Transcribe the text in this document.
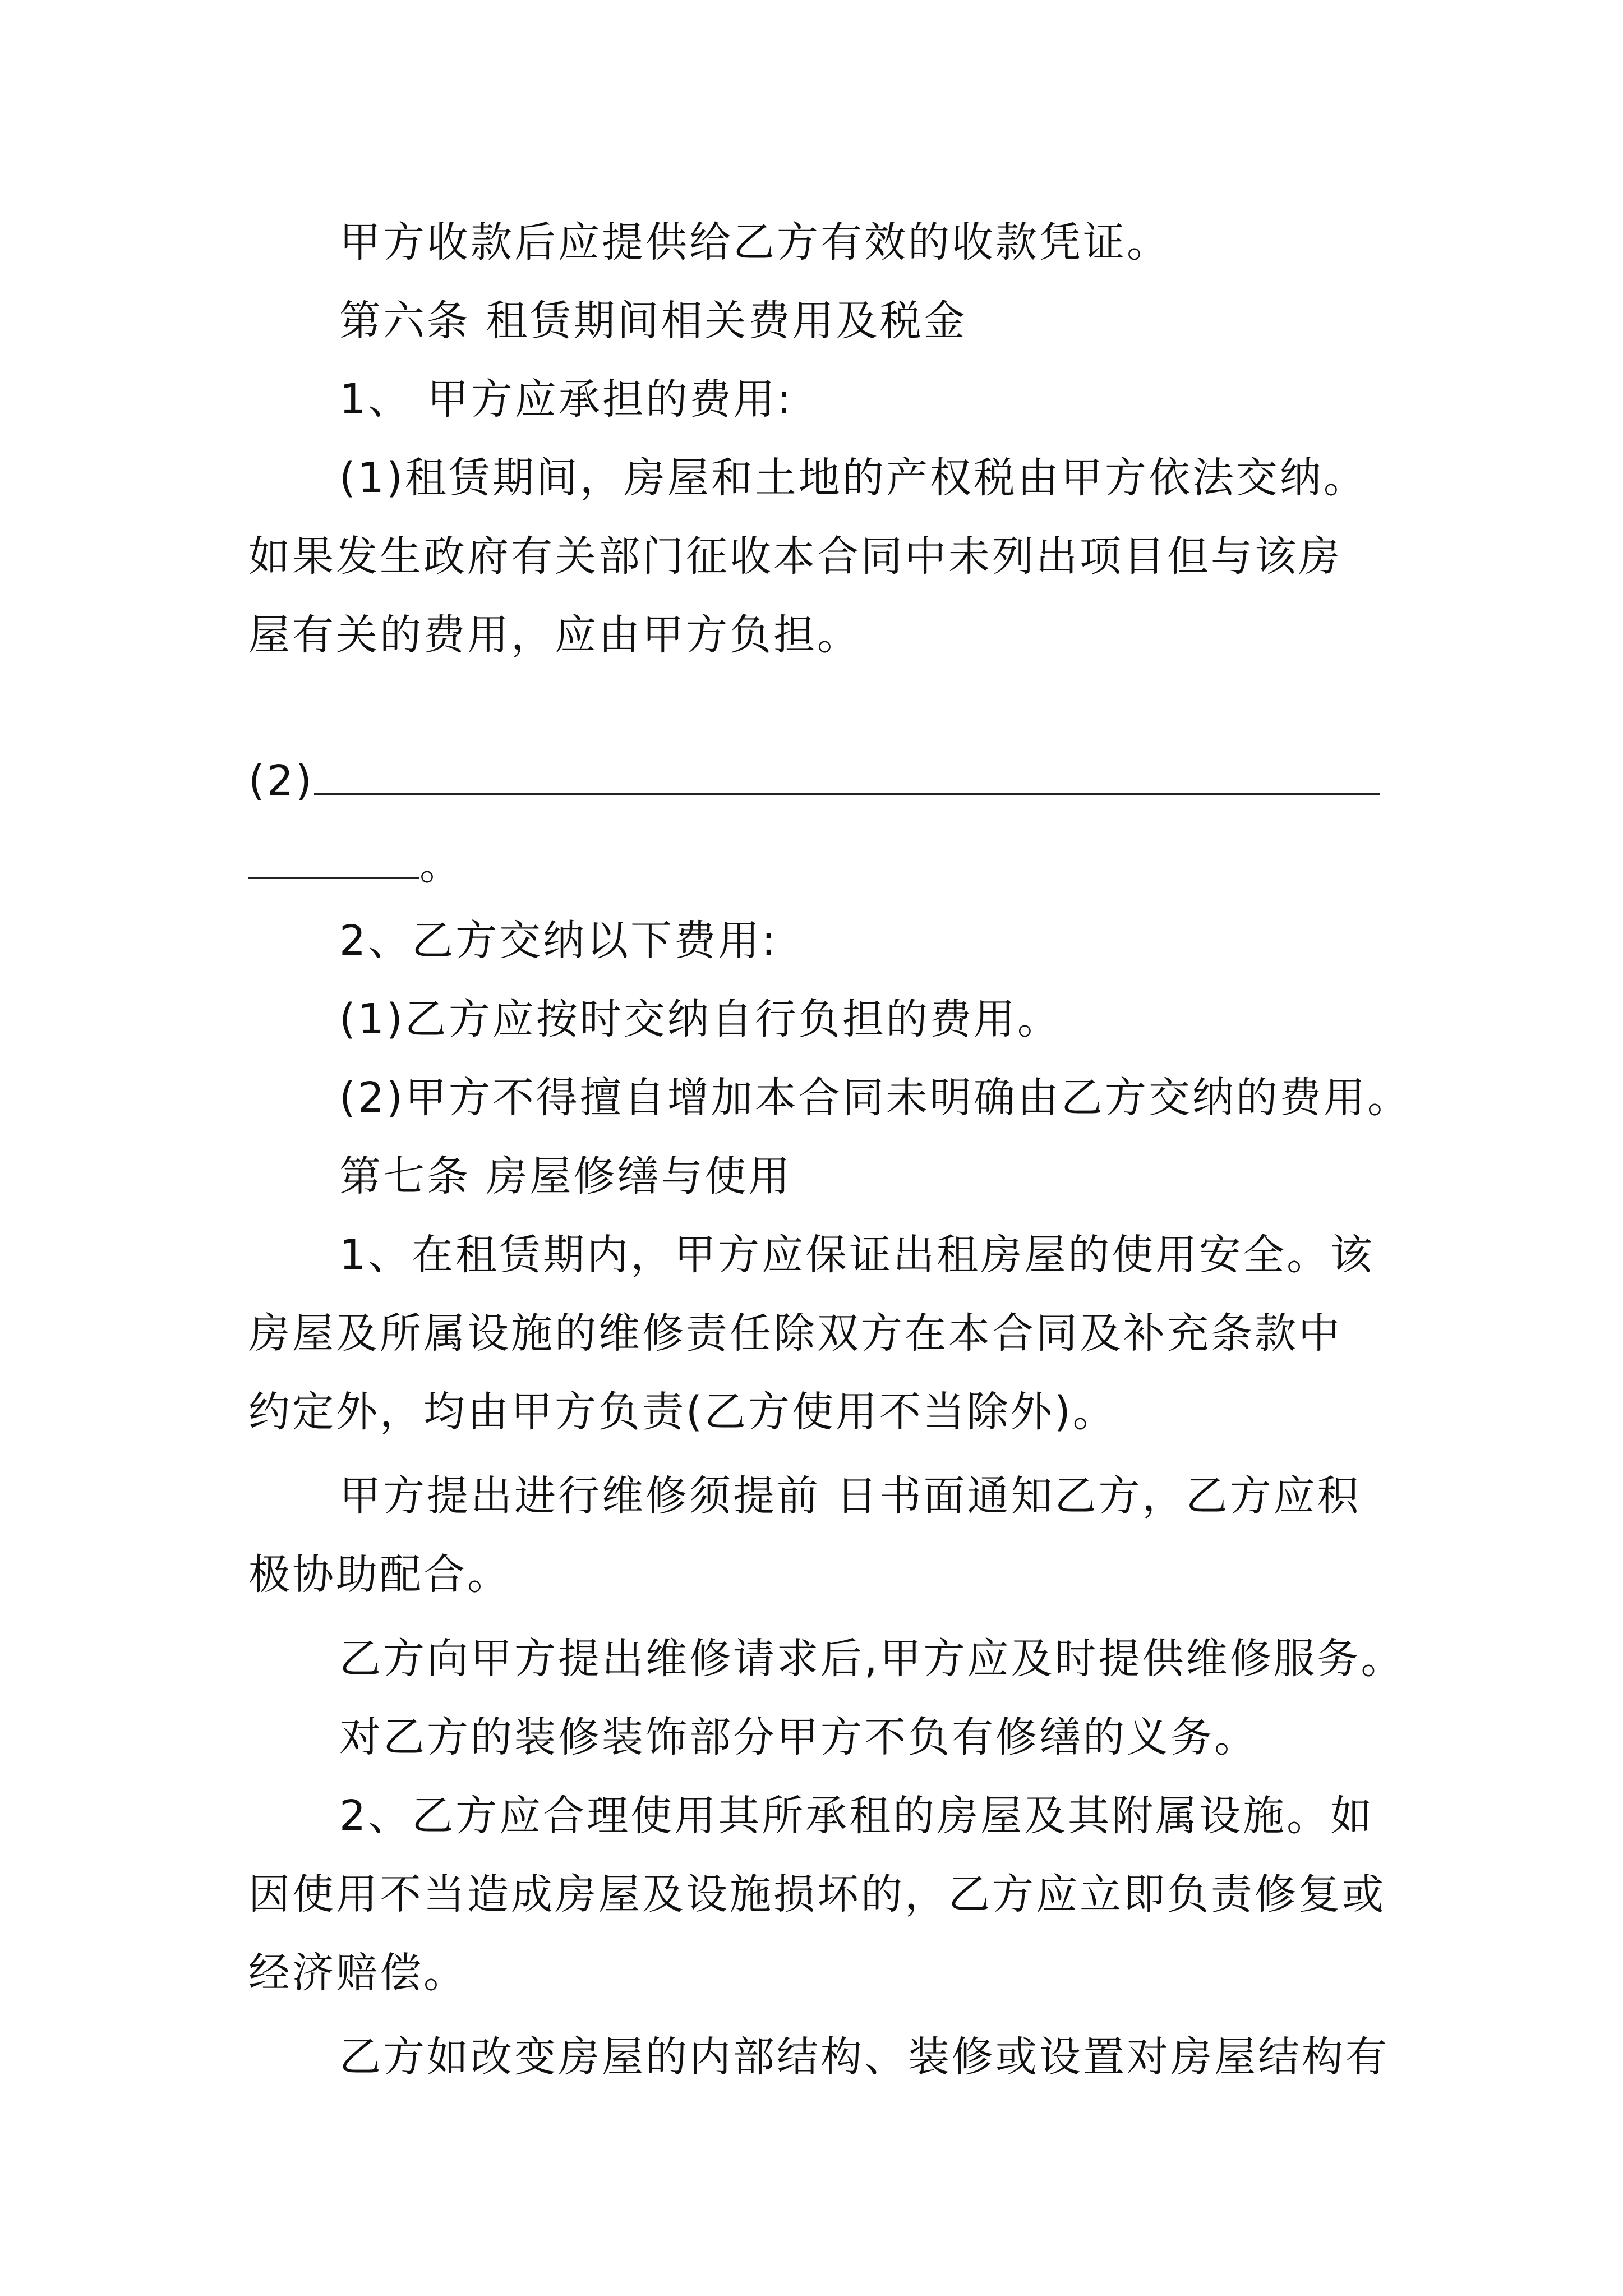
甲方收款后应提供给乙方有效的收款凭证。
第六条 租赁期间相关费用及税金
1、 甲方应承担的费用:
(1)租赁期间，房屋和土地的产权税由甲方依法交纳。
如果发生政府有关部门征收本合同中未列出项目但与该房
屋有关的费用，应由甲方负担。
(2)
。
2、乙方交纳以下费用:
(1)乙方应按时交纳自行负担的费用。
(2)甲方不得擅自增加本合同未明确由乙方交纳的费用。
第七条 房屋修缮与使用
1、在租赁期内，甲方应保证出租房屋的使用安全。该
房屋及所属设施的维修责任除双方在本合同及补充条款中
约定外，均由甲方负责(乙方使用不当除外)。
甲方提出进行维修须提前 日书面通知乙方，乙方应积
极协助配合。
乙方向甲方提出维修请求后,甲方应及时提供维修服务。
对乙方的装修装饰部分甲方不负有修缮的义务。
2、乙方应合理使用其所承租的房屋及其附属设施。如
因使用不当造成房屋及设施损坏的，乙方应立即负责修复或
经济赔偿。
乙方如改变房屋的内部结构、装修或设置对房屋结构有
